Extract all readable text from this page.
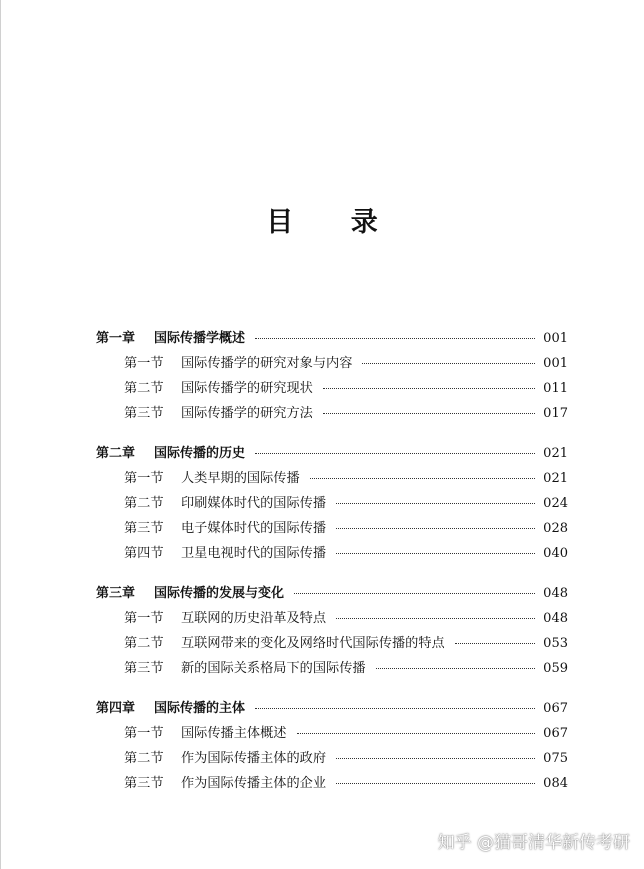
目 录
第一章	国际传播学概述	001
第一节	国际传播学的研究对象与内容	001
第二节	国际传播学的研究现状	011
第三节	国际传播学的研究方法	017
第二章	国际传播的历史	021
第一节	人类早期的国际传播	021
第二节	印刷媒体时代的国际传播	024
第三节	电子媒体时代的国际传播	028
第四节	卫星电视时代的国际传播	040
第三章	国际传播的发展与变化	048
第一节	互联网的历史沿革及特点	048
第二节	互联网带来的变化及网络时代国际传播的特点	053
第三节	新的国际关系格局下的国际传播	059
第四章	国际传播的主体	067
第一节	国际传播主体概述	067
第二节	作为国际传播主体的政府	075
第三节	作为国际传播主体的企业	084
知乎 @猫哥清华新传考研
